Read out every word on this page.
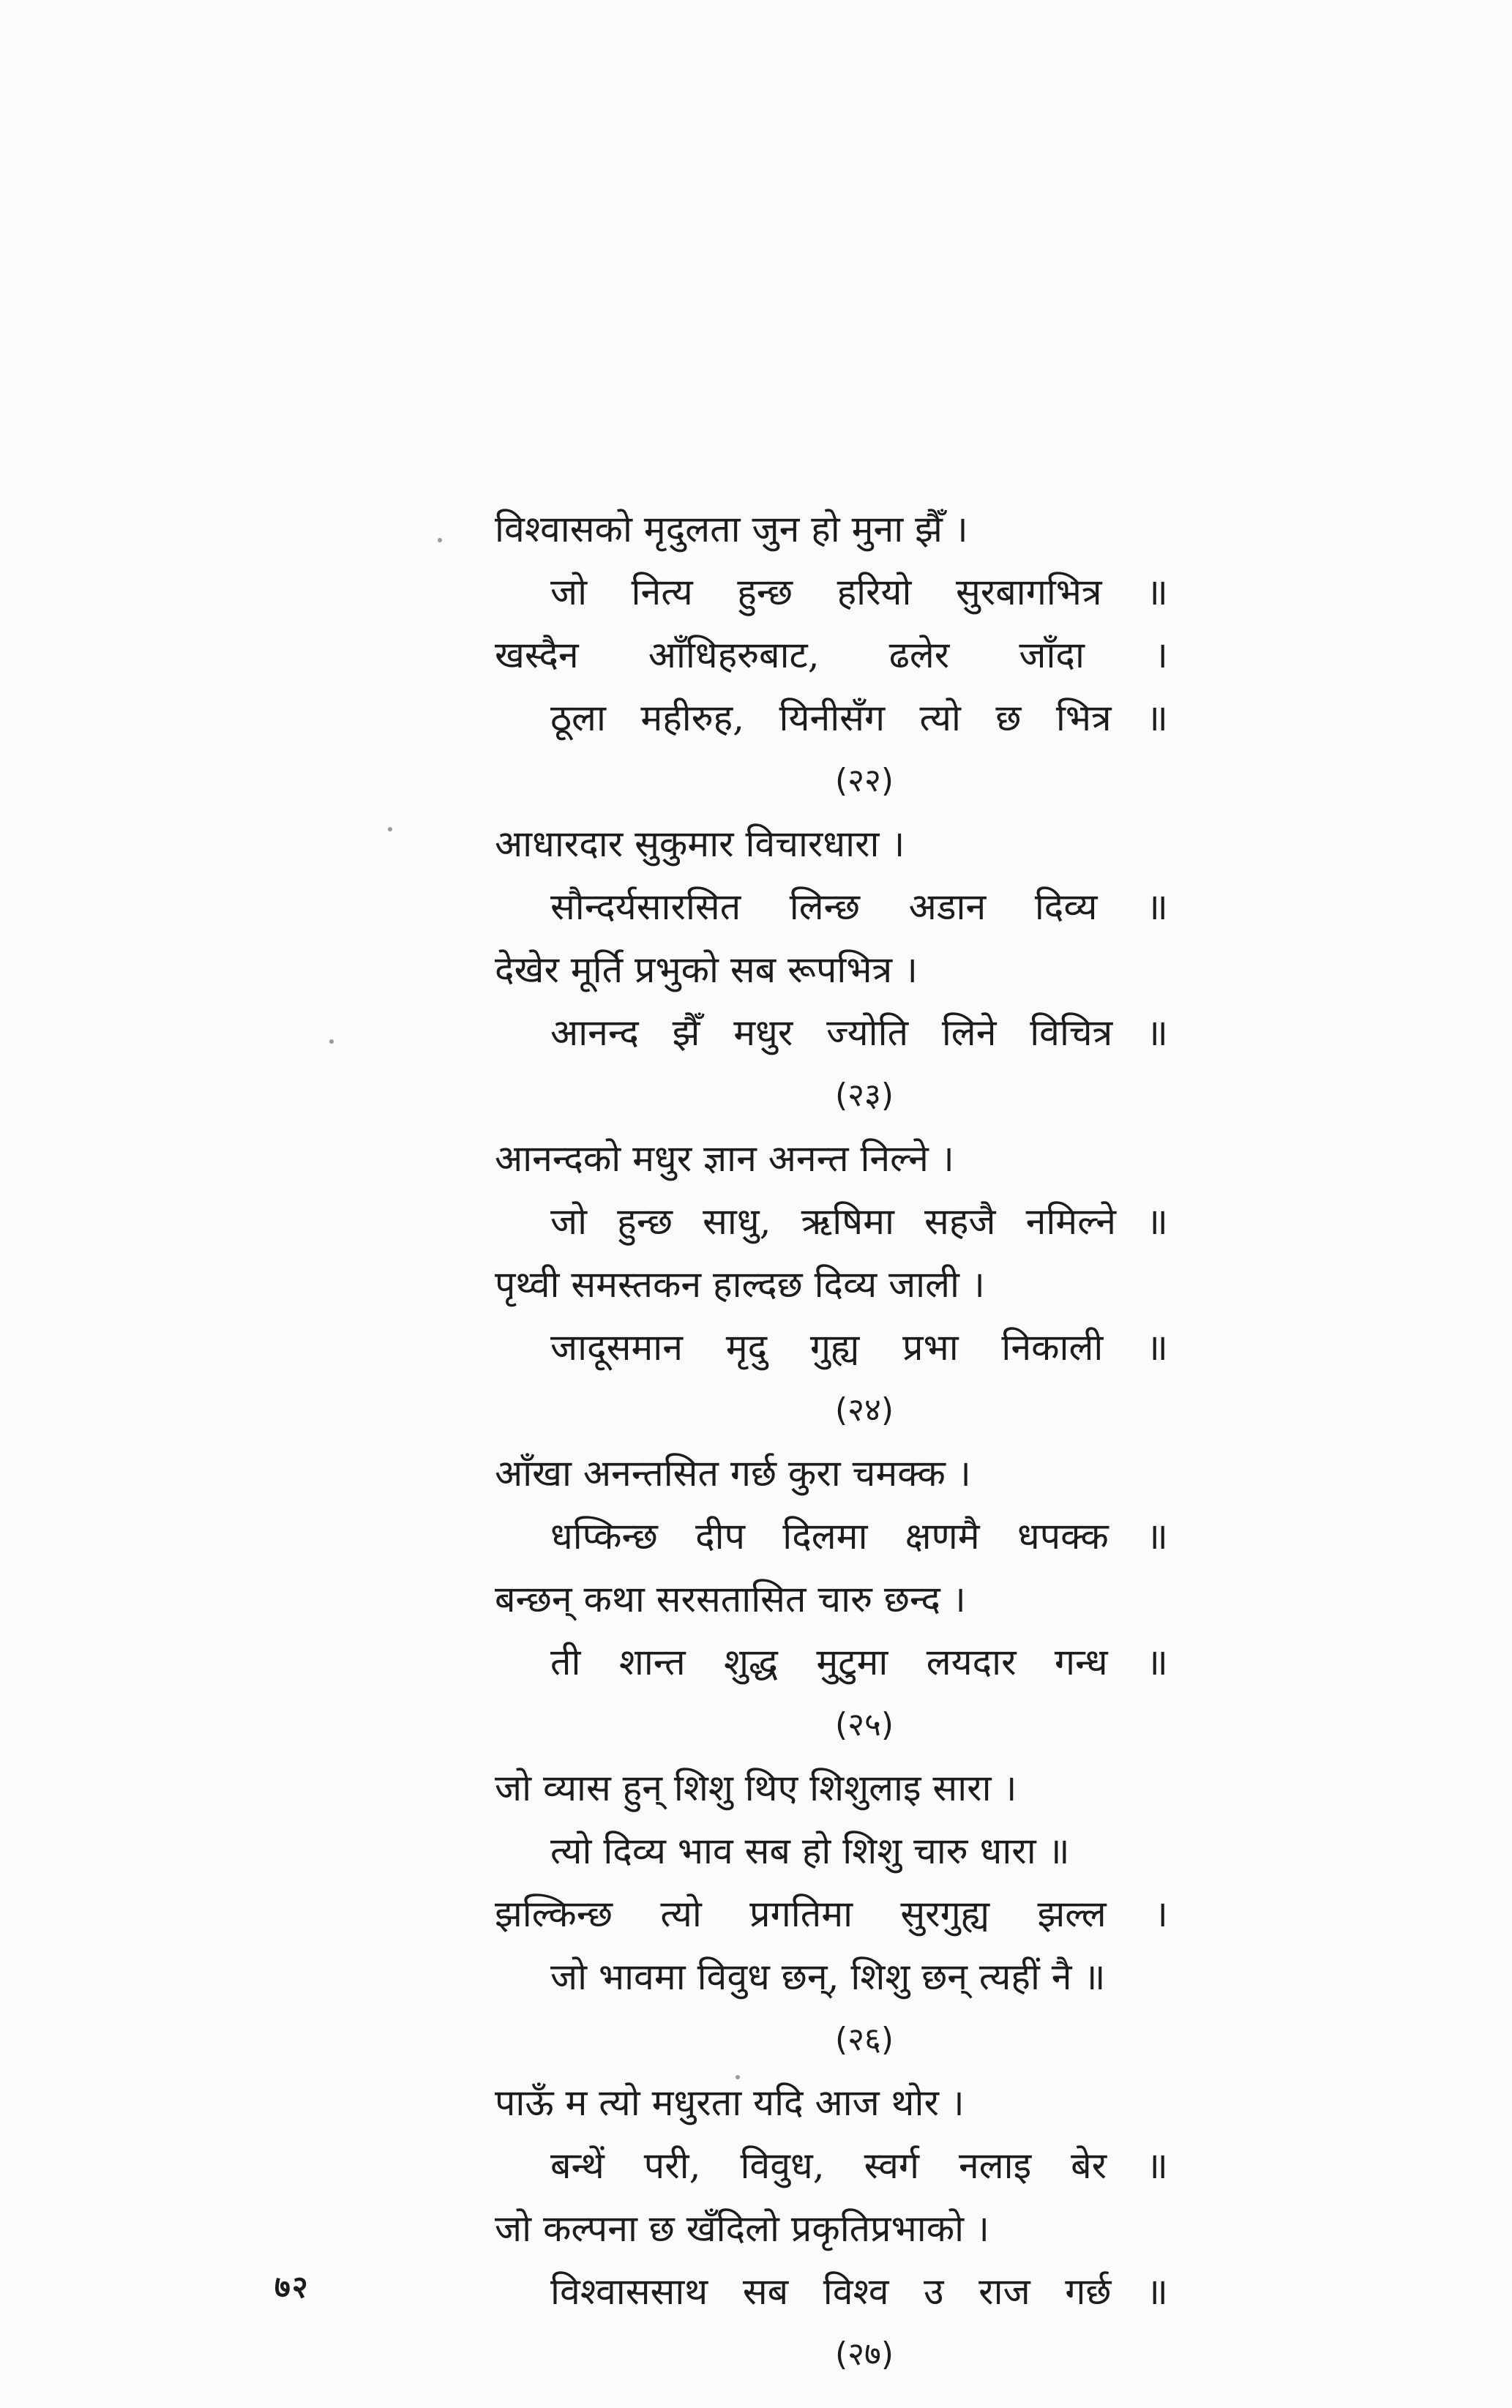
विश्वासको मृदुलता जुन हो मुना झैँ ।
जो नित्य हुन्छ हरियो सुरबागभित्र ॥
खस्दैन आँधिहरुबाट, ढलेर जाँदा ।
ठूला महीरुह, यिनीसँग त्यो छ भित्र ॥
(२२)
आधारदार सुकुमार विचारधारा ।
सौन्दर्यसारसित लिन्छ अडान दिव्य ॥
देखेर मूर्ति प्रभुको सब रूपभित्र ।
आनन्द झैँ मधुर ज्योति लिने विचित्र ॥
(२३)
आनन्दको मधुर ज्ञान अनन्त निल्ने ।
जो हुन्छ साधु, ऋषिमा सहजै नमिल्ने ॥
पृथ्वी समस्तकन हाल्दछ दिव्य जाली ।
जादूसमान मृदु गुह्य प्रभा निकाली ॥
(२४)
आँखा अनन्तसित गर्छ कुरा चमक्क ।
धप्किन्छ दीप दिलमा क्षणमै धपक्क ॥
बन्छन् कथा सरसतासित चारु छन्द ।
ती शान्त शुद्ध मुटुमा लयदार गन्ध ॥
(२५)
जो व्यास हुन् शिशु थिए शिशुलाइ सारा ।
त्यो दिव्य भाव सब हो शिशु चारु धारा ॥
झल्किन्छ त्यो प्रगतिमा सुरगुह्य झल्ल ।
जो भावमा विवुध छन्, शिशु छन् त्यहीं नै ॥
(२६)
पाऊँ म त्यो मधुरता यदि आज थोर ।
बन्थें परी, विवुध, स्वर्ग नलाइ बेर ॥
जो कल्पना छ खँदिलो प्रकृतिप्रभाको ।
विश्वाससाथ सब विश्व उ राज गर्छ ॥
(२७)
७२
